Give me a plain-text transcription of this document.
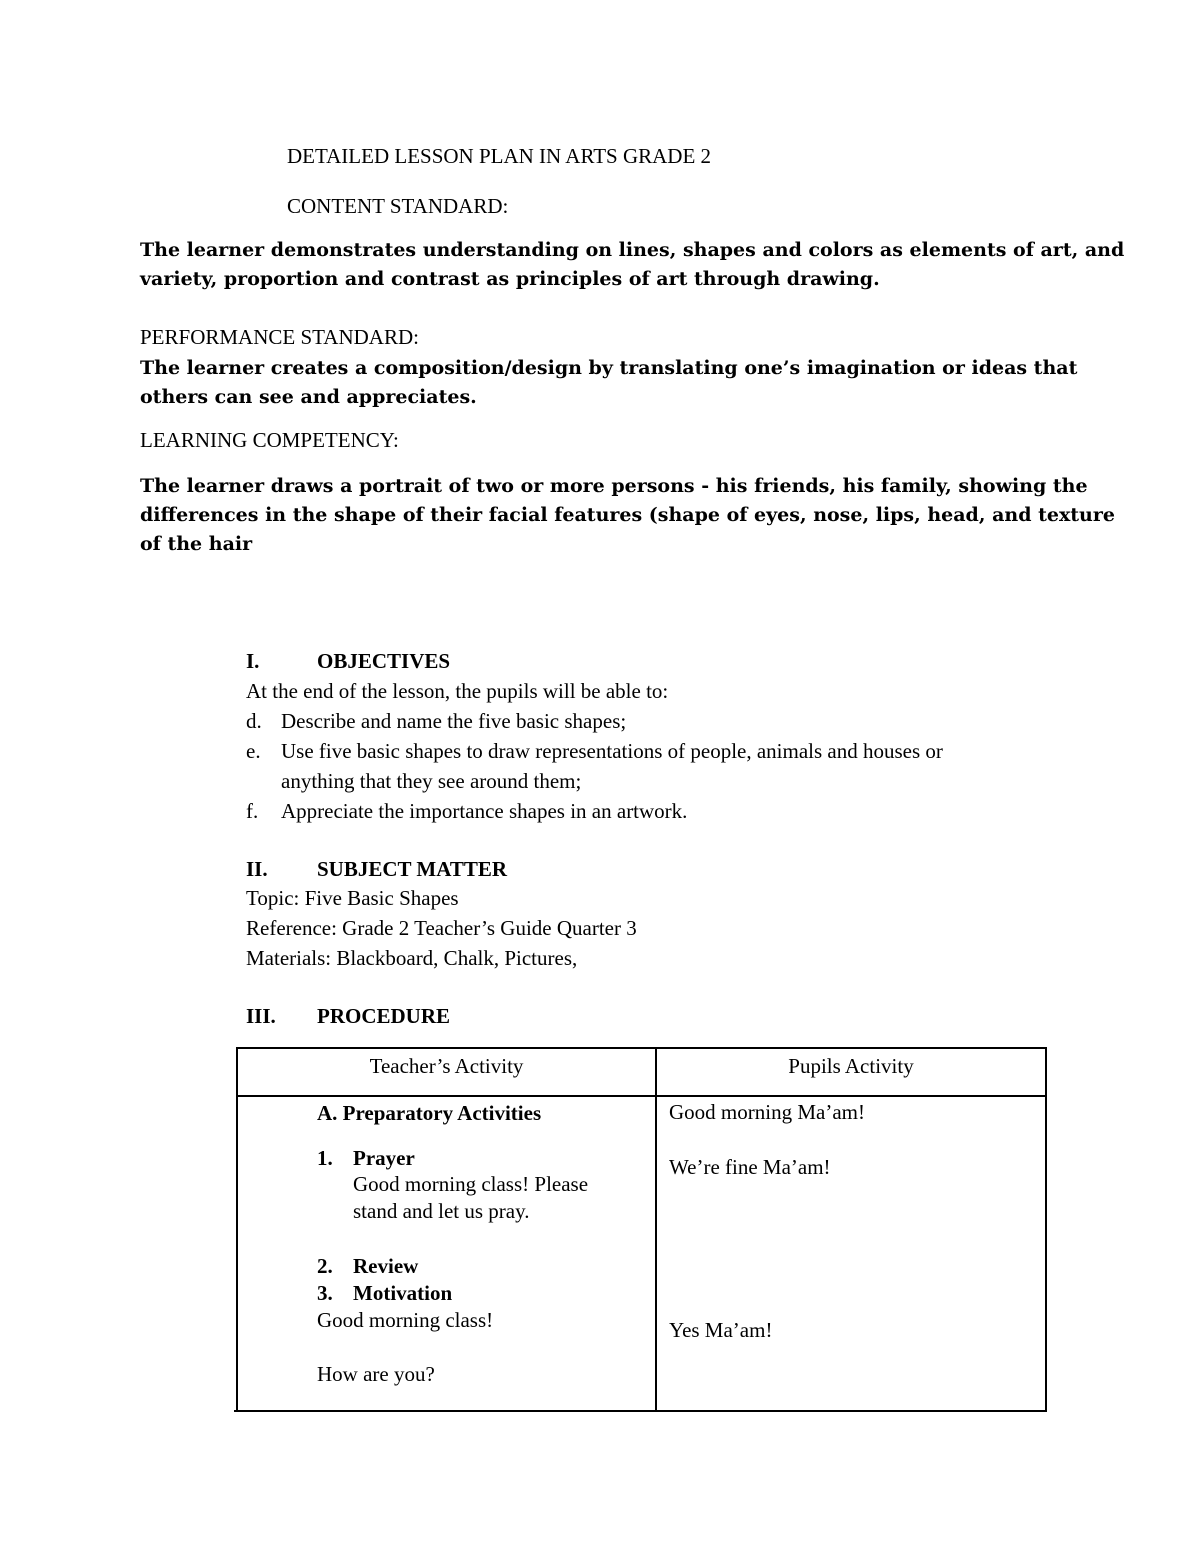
DETAILED LESSON PLAN IN ARTS GRADE 2
CONTENT STANDARD:
The learner demonstrates understanding on lines, shapes and colors as elements of art, and
variety, proportion and contrast as principles of art through drawing.
PERFORMANCE STANDARD:
The learner creates a composition/design by translating one’s imagination or ideas that
others can see and appreciates.
LEARNING COMPETENCY:
The learner draws a portrait of two or more persons - his friends, his family, showing the
differences in the shape of their facial features (shape of eyes, nose, lips, head, and texture
of the hair
I.	OBJECTIVES
At the end of the lesson, the pupils will be able to:
d. Describe and name the five basic shapes;
e. Use five basic shapes to draw representations of people, animals and houses or
anything that they see around them;
f. Appreciate the importance shapes in an artwork.
II. SUBJECT MATTER
Topic: Five Basic Shapes
Reference: Grade 2 Teacher’s Guide Quarter 3
Materials: Blackboard, Chalk, Pictures,
III. PROCEDURE
Teacher’s Activity	Pupils Activity
A. Preparatory Activities
1. Prayer
Good morning class! Please
stand and let us pray.
2. Review
3. Motivation
Good morning class!
How are you?
Good morning Ma’am!
We’re fine Ma’am!
Yes Ma’am!
